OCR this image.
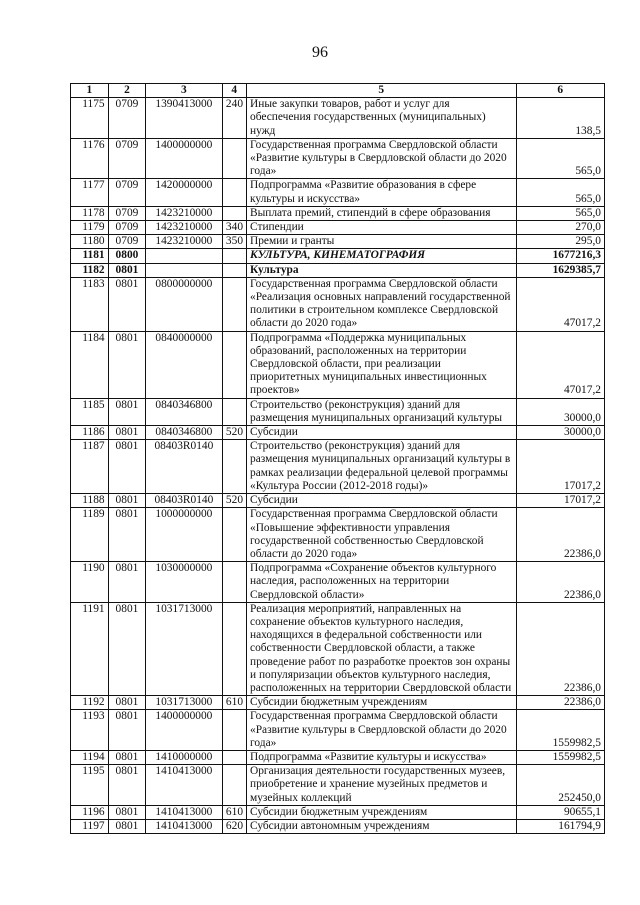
96
1	2	3	4	5	6
1175	0709	1390413000	240	Иные закупки товаров, работ и услуг для обеспечения государственных (муниципальных) нужд	138,5
1176	0709	1400000000		Государственная программа Свердловской области «Развитие культуры в Свердловской области до 2020 года»	565,0
1177	0709	1420000000		Подпрограмма «Развитие образования в сфере культуры и искусства»	565,0
1178	0709	1423210000		Выплата премий, стипендий в сфере образования	565,0
1179	0709	1423210000	340	Стипендии	270,0
1180	0709	1423210000	350	Премии и гранты	295,0
1181	0800			КУЛЬТУРА, КИНЕМАТОГРАФИЯ	1677216,3
1182	0801			Культура	1629385,7
1183	0801	0800000000		Государственная программа Свердловской области «Реализация основных направлений государственной политики в строительном комплексе Свердловской области до 2020 года»	47017,2
1184	0801	0840000000		Подпрограмма «Поддержка муниципальных образований, расположенных на территории Свердловской области, при реализации приоритетных муниципальных инвестиционных проектов»	47017,2
1185	0801	0840346800		Строительство (реконструкция) зданий для размещения муниципальных организаций культуры	30000,0
1186	0801	0840346800	520	Субсидии	30000,0
1187	0801	08403R0140		Строительство (реконструкция) зданий для размещения муниципальных организаций культуры в рамках реализации федеральной целевой программы «Культура России (2012-2018 годы)»	17017,2
1188	0801	08403R0140	520	Субсидии	17017,2
1189	0801	1000000000		Государственная программа Свердловской области «Повышение эффективности управления государственной собственностью Свердловской области до 2020 года»	22386,0
1190	0801	1030000000		Подпрограмма «Сохранение объектов культурного наследия, расположенных на территории Свердловской области»	22386,0
1191	0801	1031713000		Реализация мероприятий, направленных на сохранение объектов культурного наследия, находящихся в федеральной собственности или собственности Свердловской области, а также проведение работ по разработке проектов зон охраны и популяризации объектов культурного наследия, расположенных на территории Свердловской области	22386,0
1192	0801	1031713000	610	Субсидии бюджетным учреждениям	22386,0
1193	0801	1400000000		Государственная программа Свердловской области «Развитие культуры в Свердловской области до 2020 года»	1559982,5
1194	0801	1410000000		Подпрограмма «Развитие культуры и искусства»	1559982,5
1195	0801	1410413000		Организация деятельности государственных музеев, приобретение и хранение музейных предметов и музейных коллекций	252450,0
1196	0801	1410413000	610	Субсидии бюджетным учреждениям	90655,1
1197	0801	1410413000	620	Субсидии автономным учреждениям	161794,9
